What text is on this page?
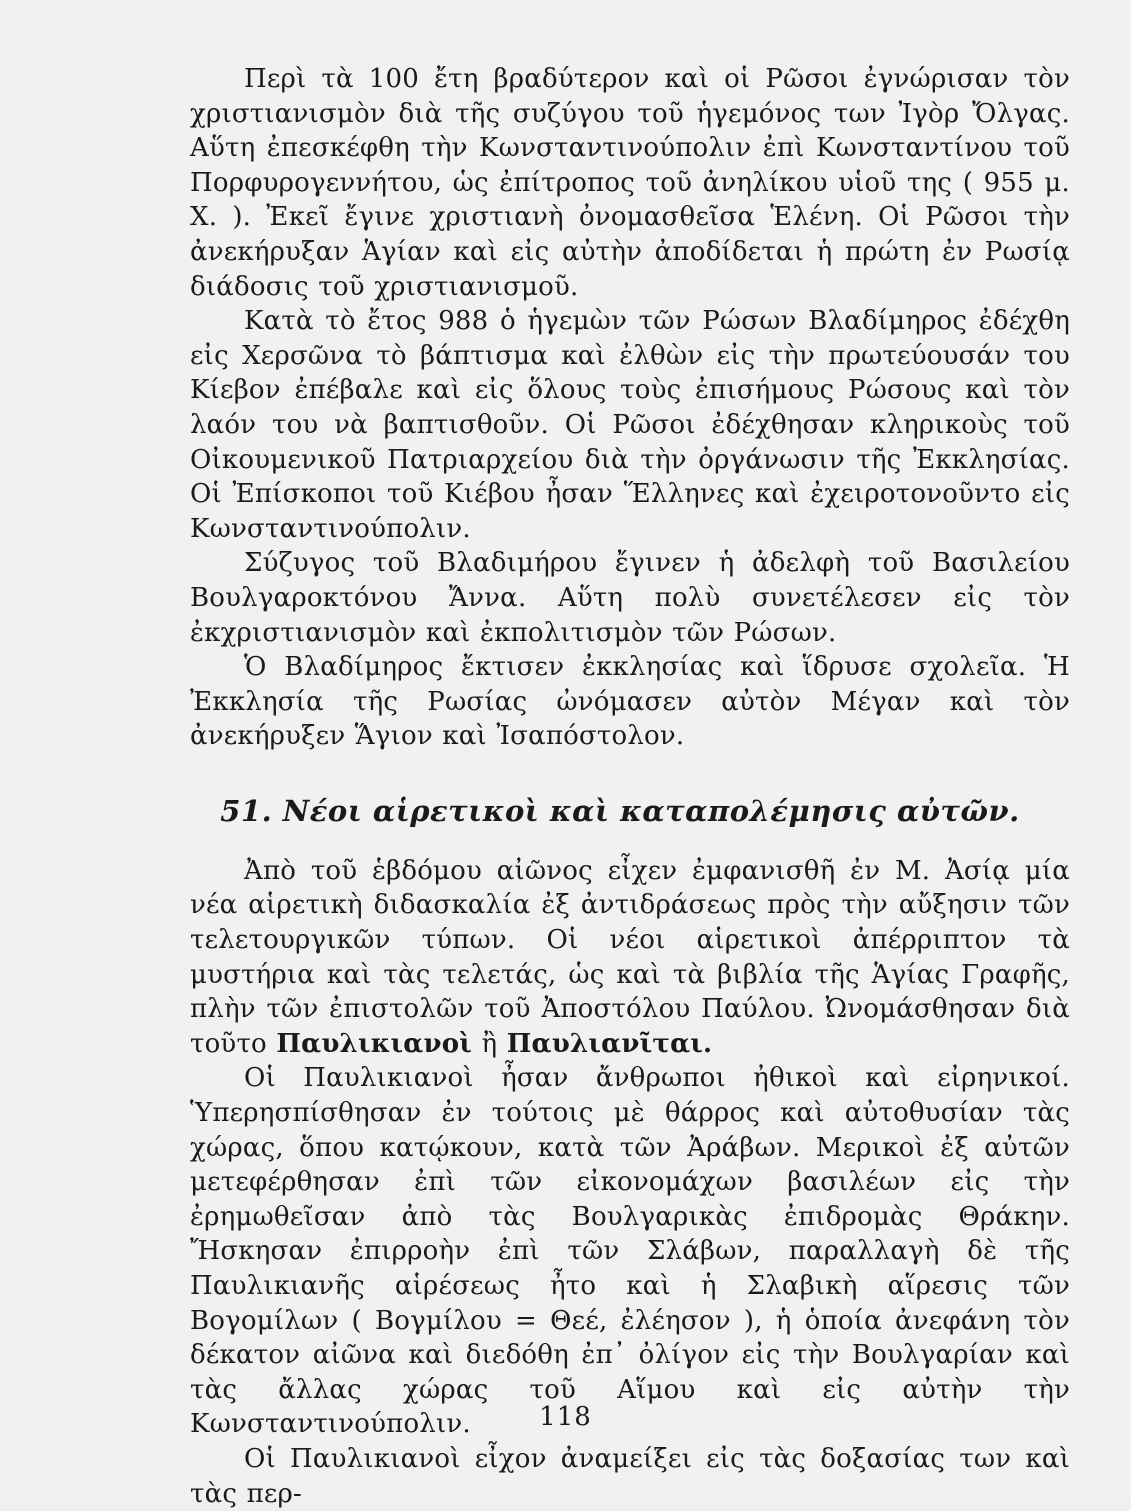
Περὶ τὰ 100 ἔτη βραδύτερον καὶ οἱ Ρῶσοι ἐγνώρισαν τὸν χριστιανισμὸν διὰ τῆς συζύγου τοῦ ἡγεμόνος των Ἰγὸρ Ὄλγας. Αὕτη ἐπεσκέφθη τὴν Κωνσταντινούπολιν ἐπὶ Κωνσταντίνου τοῦ Πορφυρογεννήτου, ὡς ἐπίτροπος τοῦ ἀνηλίκου υἱοῦ της ( 955 μ. Χ. ). Ἐκεῖ ἔγινε χριστιανὴ ὀνομασθεῖσα Ἑλένη. Οἱ Ρῶσοι τὴν ἀνεκήρυξαν Ἁγίαν καὶ εἰς αὐτὴν ἀποδίδεται ἡ πρώτη ἐν Ρωσίᾳ διάδοσις τοῦ χριστιανισμοῦ.

Κατὰ τὸ ἔτος 988 ὁ ἡγεμὼν τῶν Ρώσων Βλαδίμηρος ἐδέχθη εἰς Χερσῶνα τὸ βάπτισμα καὶ ἐλθὼν εἰς τὴν πρωτεύουσάν του Κίεβον ἐπέβαλε καὶ εἰς ὅλους τοὺς ἐπισήμους Ρώσους καὶ τὸν λαόν του νὰ βαπτισθοῦν. Οἱ Ρῶσοι ἐδέχθησαν κληρικοὺς τοῦ Οἰκουμενικοῦ Πατριαρχείου διὰ τὴν ὀργάνωσιν τῆς Ἐκκλησίας. Οἱ Ἐπίσκοποι τοῦ Κιέβου ἦσαν Ἕλληνες καὶ ἐχειροτονοῦντο εἰς Κωνσταντινούπολιν.

Σύζυγος τοῦ Βλαδιμήρου ἔγινεν ἡ ἀδελφὴ τοῦ Βασιλείου Βουλγαροκτόνου Ἄννα. Αὕτη πολὺ συνετέλεσεν εἰς τὸν ἐκχριστιανισμὸν καὶ ἐκπολιτισμὸν τῶν Ρώσων.

Ὁ Βλαδίμηρος ἔκτισεν ἐκκλησίας καὶ ἵδρυσε σχολεῖα. Ἡ Ἐκκλησία τῆς Ρωσίας ὠνόμασεν αὐτὸν Μέγαν καὶ τὸν ἀνεκήρυξεν Ἅγιον καὶ Ἰσαπόστολον.

51. Νέοι αἱρετικοὶ καὶ καταπολέμησις αὐτῶν.

Ἀπὸ τοῦ ἑβδόμου αἰῶνος εἶχεν ἐμφανισθῆ ἐν Μ. Ἀσίᾳ μία νέα αἱρετικὴ διδασκαλία ἐξ ἀντιδράσεως πρὸς τὴν αὔξησιν τῶν τελετουργικῶν τύπων. Οἱ νέοι αἱρετικοὶ ἀπέρριπτον τὰ μυστήρια καὶ τὰς τελετάς, ὡς καὶ τὰ βιβλία τῆς Ἁγίας Γραφῆς, πλὴν τῶν ἐπιστολῶν τοῦ Ἀποστόλου Παύλου. Ὠνομάσθησαν διὰ τοῦτο Παυλικιανοὶ ἢ Παυλιανῖται.

Οἱ Παυλικιανοὶ ἦσαν ἄνθρωποι ἠθικοὶ καὶ εἰρηνικοί. Ὑπερησπίσθησαν ἐν τούτοις μὲ θάρρος καὶ αὐτοθυσίαν τὰς χώρας, ὅπου κατῴκουν, κατὰ τῶν Ἀράβων. Μερικοὶ ἐξ αὐτῶν μετεφέρθησαν ἐπὶ τῶν εἰκονομάχων βασιλέων εἰς τὴν ἐρημωθεῖσαν ἀπὸ τὰς Βουλγαρικὰς ἐπιδρομὰς Θράκην. Ἤσκησαν ἐπιρροὴν ἐπὶ τῶν Σλάβων, παραλλαγὴ δὲ τῆς Παυλικιανῆς αἱρέσεως ἦτο καὶ ἡ Σλαβικὴ αἵρεσις τῶν Βογομίλων ( Βογμίλου = Θεέ, ἐλέησον ), ἡ ὁποία ἀνεφάνη τὸν δέκατον αἰῶνα καὶ διεδόθη ἐπ᾿ ὀλίγον εἰς τὴν Βουλγαρίαν καὶ τὰς ἄλλας χώρας τοῦ Αἵμου καὶ εἰς αὐτὴν τὴν Κωνσταντινούπολιν.

Οἱ Παυλικιανοὶ εἶχον ἀναμείξει εἰς τὰς δοξασίας των καὶ τὰς περ-

118
